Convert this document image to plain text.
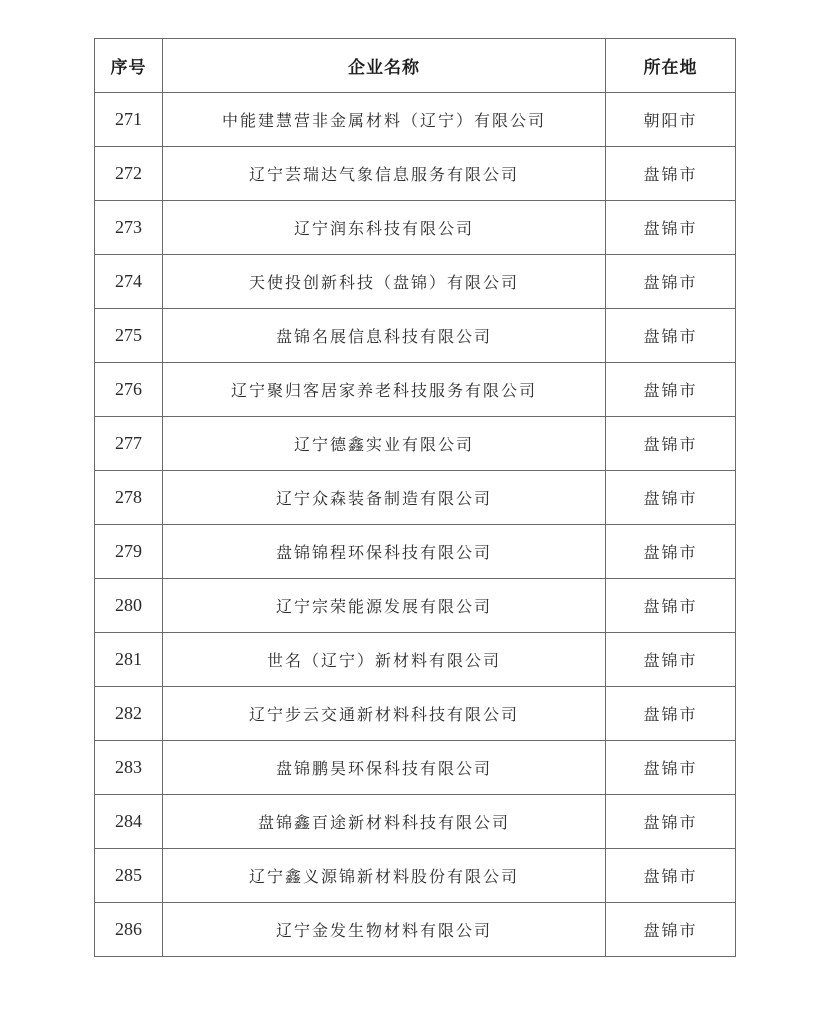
序号	企业名称	所在地
271	中能建慧营非金属材料（辽宁）有限公司	朝阳市
272	辽宁芸瑞达气象信息服务有限公司	盘锦市
273	辽宁润东科技有限公司	盘锦市
274	天使投创新科技（盘锦）有限公司	盘锦市
275	盘锦名展信息科技有限公司	盘锦市
276	辽宁聚归客居家养老科技服务有限公司	盘锦市
277	辽宁德鑫实业有限公司	盘锦市
278	辽宁众森装备制造有限公司	盘锦市
279	盘锦锦程环保科技有限公司	盘锦市
280	辽宁宗荣能源发展有限公司	盘锦市
281	世名（辽宁）新材料有限公司	盘锦市
282	辽宁步云交通新材料科技有限公司	盘锦市
283	盘锦鹏昊环保科技有限公司	盘锦市
284	盘锦鑫百途新材料科技有限公司	盘锦市
285	辽宁鑫义源锦新材料股份有限公司	盘锦市
286	辽宁金发生物材料有限公司	盘锦市
